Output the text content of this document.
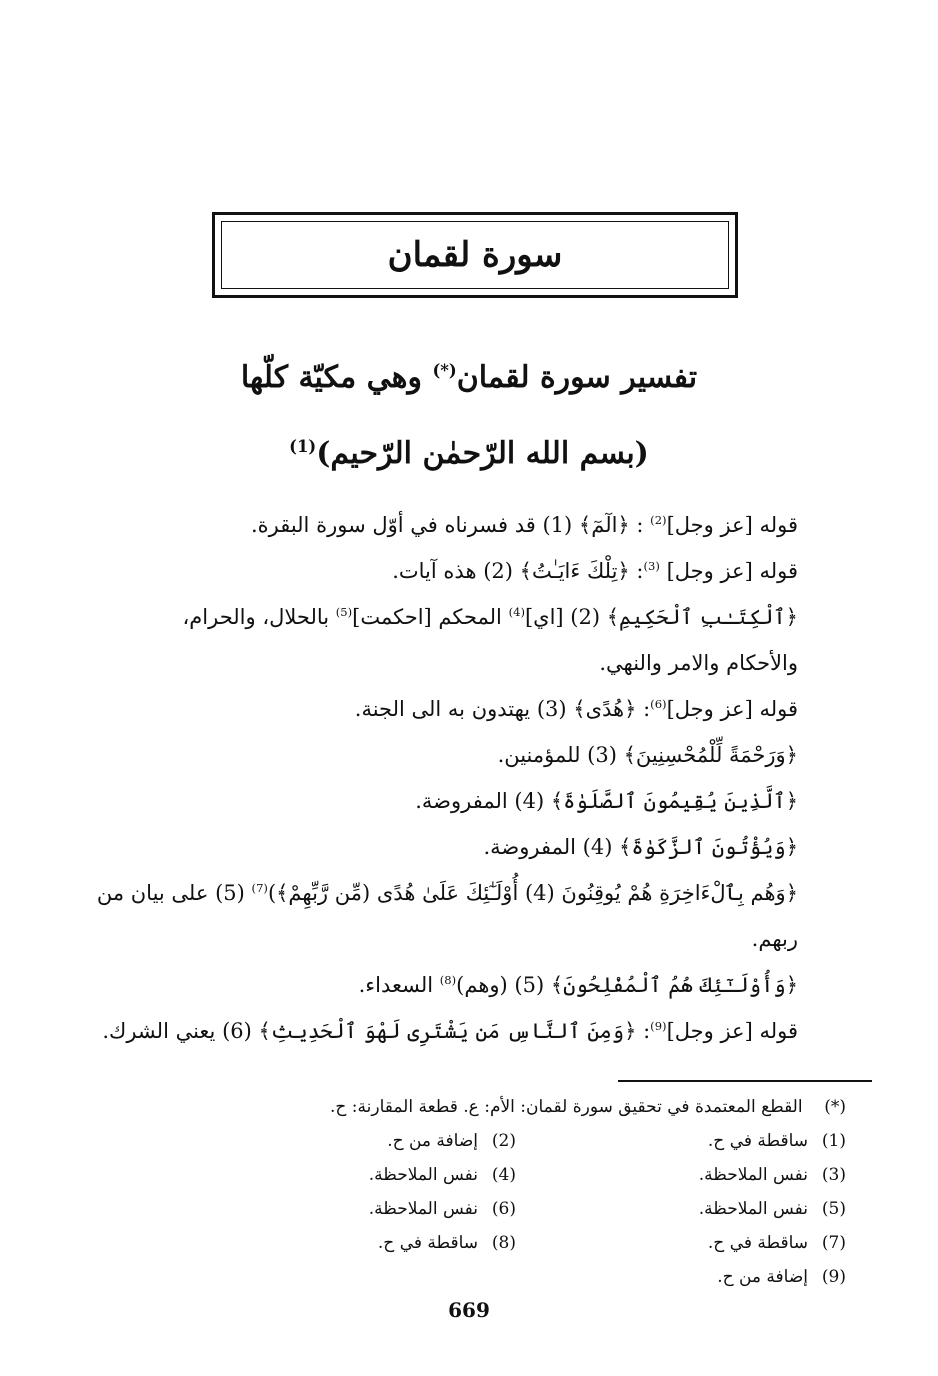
سورة لقمان
تفسير سورة لقمان(*) وهي مكيّة كلّها
(بسم الله الرّحمٰن الرّحيم)$^{(1)}$

قوله [عز وجل]$^{(2)}$ : ﴿الٓمٓ﴾ (1) قد فسرناه في أوّل سورة البقرة.

قوله [عز وجل] $^{(3)}$: ﴿تِلْكَ ءَايَـٰتُ﴾ (2) هذه آيات.

﴿ٱلْكِتَـٰبِ ٱلْحَكِيمِ﴾ (2) [اي]$^{(4)}$ المحكم [احكمت]$^{(5)}$ بالحلال، والحرام،

والأحكام والامر والنهي.

قوله [عز وجل]$^{(6)}$: ﴿هُدًى﴾ (3) يهتدون به الى الجنة.

﴿وَرَحْمَةً لِّلْمُحْسِنِينَ﴾ (3) للمؤمنين.

﴿ٱلَّذِينَ يُقِيمُونَ ٱلصَّلَوٰةَ﴾ (4) المفروضة.

﴿وَيُؤْتُونَ ٱلزَّكَوٰةَ﴾ (4) المفروضة.

﴿وَهُم بِٱلْءَاخِرَةِ هُمْ يُوقِنُونَ (4) أُوْلَـٰٓئِكَ عَلَىٰ هُدًى (مِّن رَّبِّهِمْ﴾)$^{(7)}$ (5) على بيان من

ربهم.

﴿وَأُوْلَـٰٓئِكَ هُمُ ٱلْمُفْلِحُونَ﴾ (5) (وهم)$^{(8)}$ السعداء.

قوله [عز وجل]$^{(9)}$: ﴿وَمِنَ ٱلنَّاسِ مَن يَشْتَرِى لَهْوَ ٱلْحَدِيثِ﴾ (6) يعني الشرك.

(*) القطع المعتمدة في تحقيق سورة لقمان: الأم: ع. قطعة المقارنة: ح.
(1)ساقطة في ح.
(2)إضافة من ح.
(3)نفس الملاحظة.
(4)نفس الملاحظة.
(5)نفس الملاحظة.
(6)نفس الملاحظة.
(7)ساقطة في ح.
(8)ساقطة في ح.
(9)إضافة من ح.
669
